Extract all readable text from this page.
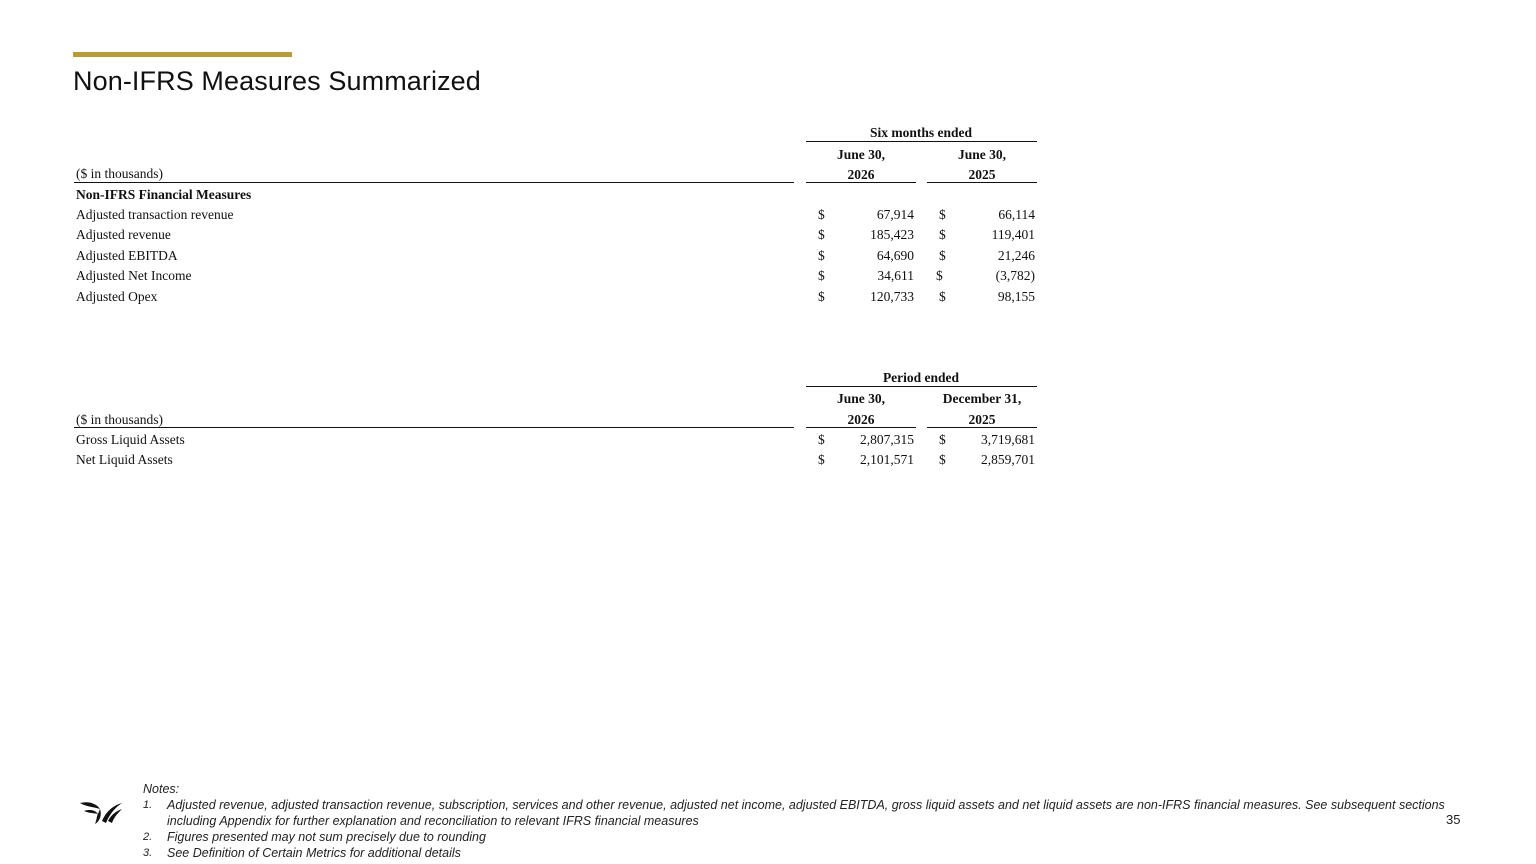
Non-IFRS Measures Summarized
Six months ended
June 30,	June 30,
($ in thousands)	2026	2025
Non-IFRS Financial Measures
Adjusted transaction revenue	$	67,914 $	66,114
Adjusted revenue	$	185,423 $	119,401
Adjusted EBITDA	$	64,690 $	21,246
Adjusted Net Income	$	34,611 $	(3,782)
Adjusted Opex	$	120,733 $	98,155
Period ended
June 30,	December 31,
($ in thousands)	2026	2025
Gross Liquid Assets	$	2,807,315 $	3,719,681
Net Liquid Assets	$	2,101,571 $	2,859,701
Notes:
1. Adjusted revenue, adjusted transaction revenue, subscription, services and other revenue, adjusted net income, adjusted EBITDA, gross liquid assets and net liquid assets are non-IFRS financial measures. See subsequent sections including Appendix for further explanation and reconciliation to relevant IFRS financial measures
2. Figures presented may not sum precisely due to rounding
3. See Definition of Certain Metrics for additional details
35
